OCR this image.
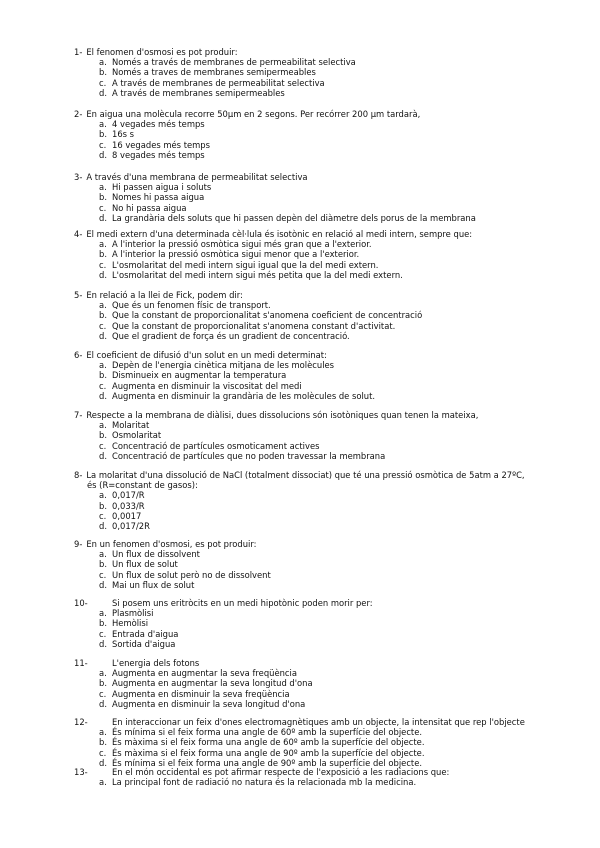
1- El fenomen d'osmosi es pot produir:
a. Només a través de membranes de permeabilitat selectiva
b. Només a traves de membranes semipermeables
c. A través de membranes de permeabilitat selectiva
d. A través de membranes semipermeables
2- En aigua una molècula recorre 50μm en 2 segons. Per recórrer 200 μm tardarà,
a. 4 vegades més temps
b. 16s s
c. 16 vegades més temps
d. 8 vegades més temps
3- A través d'una membrana de permeabilitat selectiva
a. Hi passen aigua i soluts
b. Nomes hi passa aigua
c. No hi passa aigua
d. La grandària dels soluts que hi passen depèn del diàmetre dels porus de la membrana
4- El medi extern d'una determinada cèl·lula és isotònic en relació al medi intern, sempre que:
a. A l'interior la pressió osmòtica sigui més gran que a l'exterior.
b. A l'interior la pressió osmòtica sigui menor que a l'exterior.
c. L'osmolaritat del medi intern sigui igual que la del medi extern.
d. L'osmolaritat del medi intern sigui més petita que la del medi extern.
5- En relació a la llei de Fick, podem dir:
a. Que és un fenomen físic de transport.
b. Que la constant de proporcionalitat s'anomena coeficient de concentració
c. Que la constant de proporcionalitat s'anomena constant d'activitat.
d. Que el gradient de força és un gradient de concentració.
6- El coeficient de difusió d'un solut en un medi determinat:
a. Depèn de l'energia cinètica mitjana de les molècules
b. Disminueix en augmentar la temperatura
c. Augmenta en disminuir la viscositat del medi
d. Augmenta en disminuir la grandària de les molècules de solut.
7- Respecte a la membrana de diàlisi, dues dissolucions són isotòniques quan tenen la mateixa,
a. Molaritat
b. Osmolaritat
c. Concentració de partícules osmoticament actives
d. Concentració de partícules que no poden travessar la membrana
8- La molaritat d'una dissolució de NaCl (totalment dissociat) que té una pressió osmòtica de 5atm a 27ºC,
és (R=constant de gasos):
a. 0,017/R
b. 0,033/R
c. 0,0017
d. 0,017/2R
9- En un fenomen d'osmosi, es pot produir:
a. Un flux de dissolvent
b. Un flux de solut
c. Un flux de solut però no de dissolvent
d. Mai un flux de solut
10-	Si posem uns eritròcits en un medi hipotònic poden morir per:
a. Plasmòlisi
b. Hemòlisi
c. Entrada d'aigua
d. Sortida d'aigua
11-	L'energia dels fotons
a. Augmenta en augmentar la seva freqüència
b. Augmenta en augmentar la seva longitud d'ona
c. Augmenta en disminuir la seva freqüència
d. Augmenta en disminuir la seva longitud d'ona
12-	En interaccionar un feix d'ones electromagnètiques amb un objecte, la intensitat que rep l'objecte
a. És mínima si el feix forma una angle de 60º amb la superfície del objecte.
b. És màxima si el feix forma una angle de 60º amb la superfície del objecte.
c. És màxima si el feix forma una angle de 90º amb la superfície del objecte.
d. És mínima si el feix forma una angle de 90º amb la superfície del objecte.
13-	En el món occidental es pot afirmar respecte de l'exposició a les radiacions que:
a. La principal font de radiació no natura és la relacionada mb la medicina.
